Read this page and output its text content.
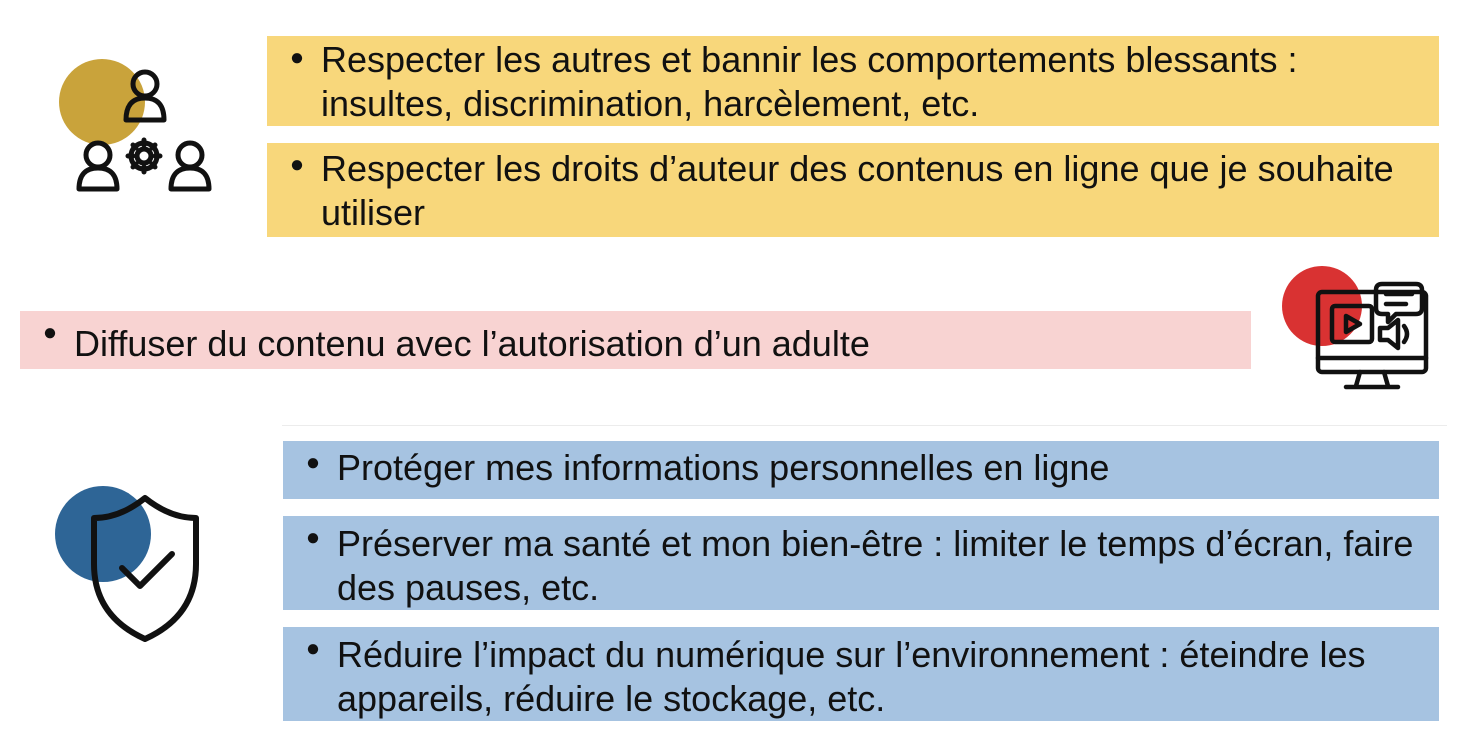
● Respecter les autres et bannir les comportements blessants : insultes, discrimination, harcèlement, etc.
● Respecter les droits d’auteur des contenus en ligne que je souhaite utiliser
● Diffuser du contenu avec l’autorisation d’un adulte
● Protéger mes informations personnelles en ligne
● Préserver ma santé et mon bien-être : limiter le temps d’écran, faire des pauses, etc.
● Réduire l’impact du numérique sur l’environnement : éteindre les appareils, réduire le stockage, etc.
